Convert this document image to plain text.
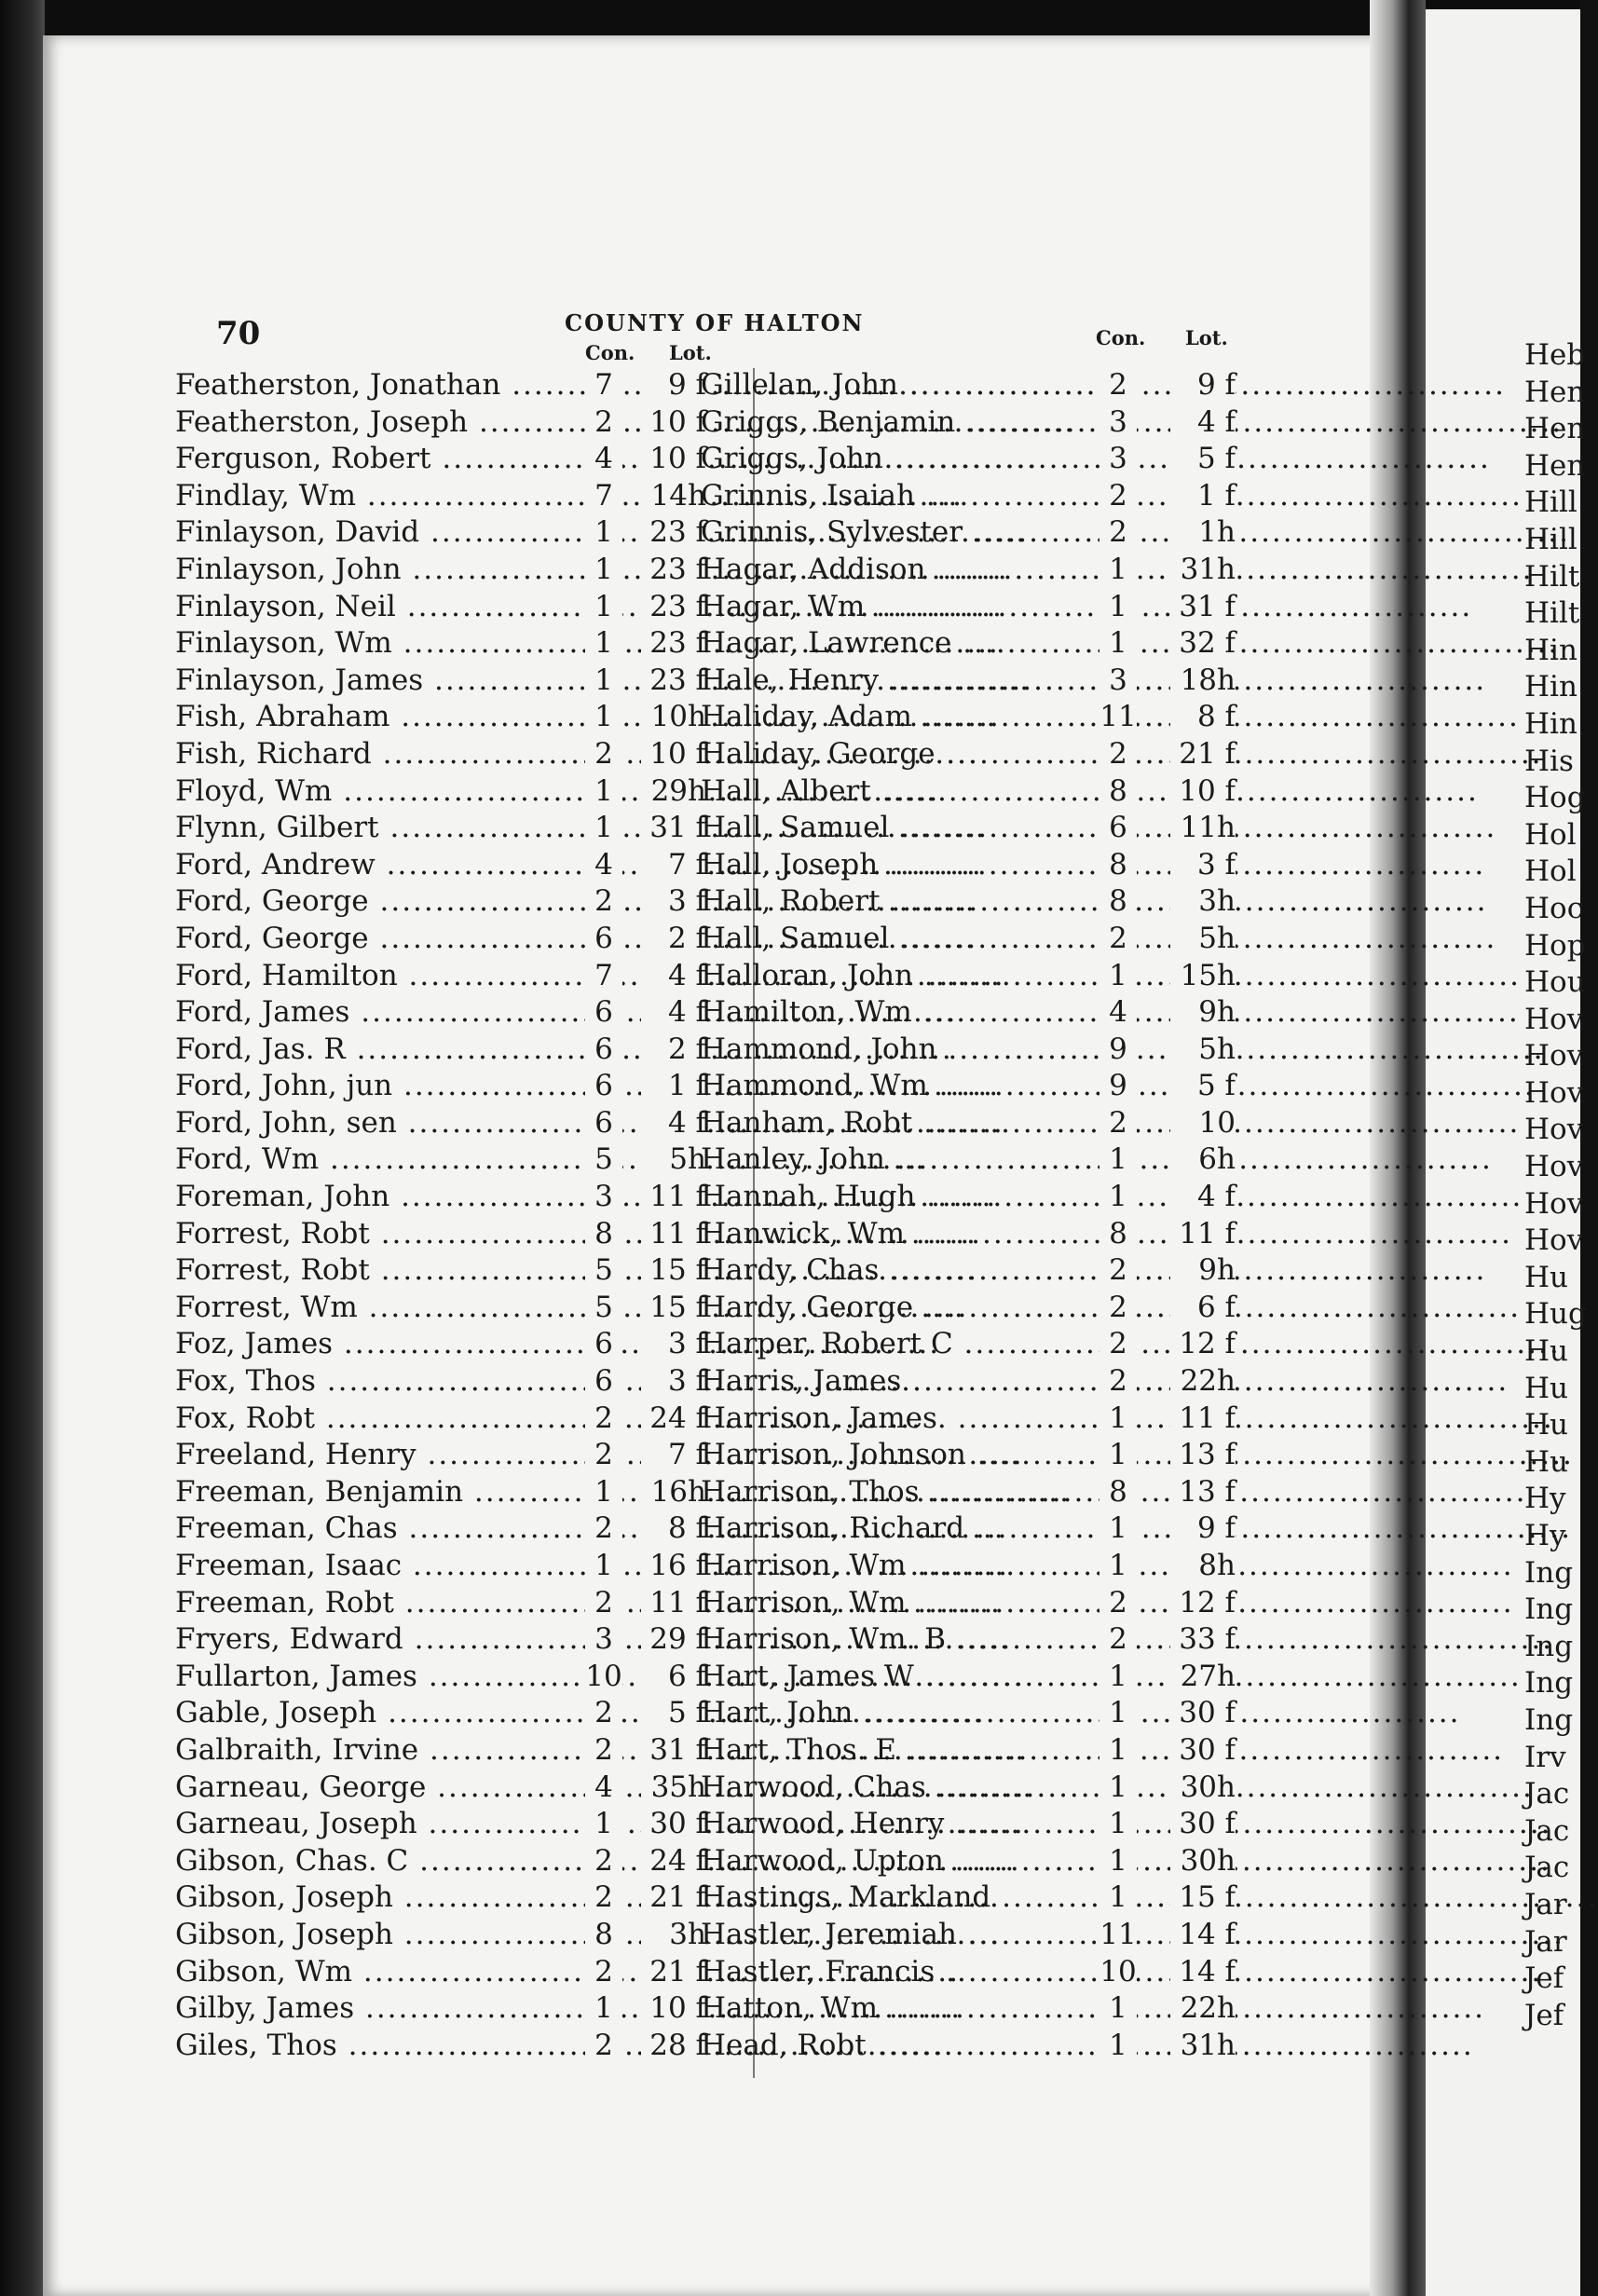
70	COUNTY OF HALTON
Con. Lot.
Featherston, Jonathan .....	7	9 f
Featherston, Joseph .....	2	10 f
Ferguson, Robert .....	4	10 f
Findlay, Wm .....	7	14h
Finlayson, David .....	1	23 f
Finlayson, John .....	1	23 f
Finlayson, Neil .....	1	23 f
Finlayson, Wm .....	1	23 f
Finlayson, James .....	1	23 f
Fish, Abraham .....	1	10h
Fish, Richard .....	2	10 f
Floyd, Wm .....	1	29h
Flynn, Gilbert .....	1	31 f
Ford, Andrew .....	4	7 f
Ford, George .....	2	3 f
Ford, George .....	6	2 f
Ford, Hamilton .....	7	4 f
Ford, James .....	6	4 f
Ford, Jas. R .....	6	2 f
Ford, John, jun .....	6	1 f
Ford, John, sen .....	6	4 f
Ford, Wm .....	5	5h
Foreman, John .....	3	11 f
Forrest, Robt .....	8	11 f
Forrest, Robt .....	5	15 f
Forrest, Wm .....	5	15 f
Foz, James .....	6	3 f
Fox, Thos .....	6	3 f
Fox, Robt .....	2	24 f
Freeland, Henry .....	2	7 f
Freeman, Benjamin .....	1	16h
Freeman, Chas .....	2	8 f
Freeman, Isaac .....	1	16 f
Freeman, Robt .....	2	11 f
Fryers, Edward .....	3	29 f
Fullarton, James .....	10	6 f
Gable, Joseph .....	2	5 f
Galbraith, Irvine .....	2	31 f
Garneau, George .....	4	35h
Garneau, Joseph .....	1	30 f
Gibson, Chas. C .....	2	24 f
Gibson, Joseph .....	2	21 f
Gibson, Joseph .....	8	3h
Gibson, Wm .....	2	21 f
Gilby, James .....	1	10 f
Giles, Thos .....	2	28 f
Con. Lot.
Gillelan, John .....	2	9 f
Griggs, Benjamin .....	3	4 f
Griggs, John .....	3	5 f
Grinnis, Isaiah .....	2	1 f
Grinnis, Sylvester .....	2	1h
Hagar, Addison .....	1	31h
Hagar, Wm .....	1	31 f
Hagar, Lawrence .....	1	32 f
Hale, Henry .....	3	18h
Haliday, Adam .....	11	8 f
Haliday, George .....	2	21 f
Hall, Albert .....	8	10 f
Hall, Samuel .....	6	11h
Hall, Joseph .....	8	3 f
Hall, Robert .....	8	3h
Hall, Samuel .....	2	5h
Halloran, John .....	1	15h
Hamilton, Wm .....	4	9h
Hammond, John .....	9	5h
Hammond, Wm .....	9	5 f
Hanham, Robt .....	2	10
Hanley, John .....	1	6h
Hannah, Hugh .....	1	4 f
Hanwick, Wm .....	8	11 f
Hardy, Chas .....	2	9h
Hardy, George .....	2	6 f
Harper, Robert C .....	2	12 f
Harris, James .....	2	22h
Harrison, James. .....	1	11 f
Harrison, Johnson .....	1	13 f
Harrison, Thos .....	8	13 f
Harrison, Richard .....	1	9 f
Harrison, Wm .....	1	8h
Harrison, Wm .....	2	12 f
Harrison, Wm. B .....	2	33 f
Hart, James W .....	1	27h
Hart, John .....	1	30 f
Hart, Thos. E .....	1	30 f
Harwood, Chas .....	1	30h
Harwood, Henry .....	1	30 f
Harwood, Upton .....	1	30h
Hastings, Markland .....	1	15 f
Hastler, Jeremiah .....	11 14 f
Hastler, Francis .....	10 14 f
Hatton, Wm .....	1	22h
Head, Robt .....	1	31h
Heb
Hen
Hen
Hen
Hill
Hill
Hilt
Hilt
Hin
Hin
Hin
His
Hog
Hol
Hol
Hoc
Hop
Hou
Hov
Hov
Hov
Hov
Hov
Hov
Hov
Hu
Hug
Hu
Hu
Hu
Hu
Hy
Hy
Ing
Ing
Ing
Ing
Ing
Irv
Jac
Jac
Jac
Jar
Jar
Jef
Jef
